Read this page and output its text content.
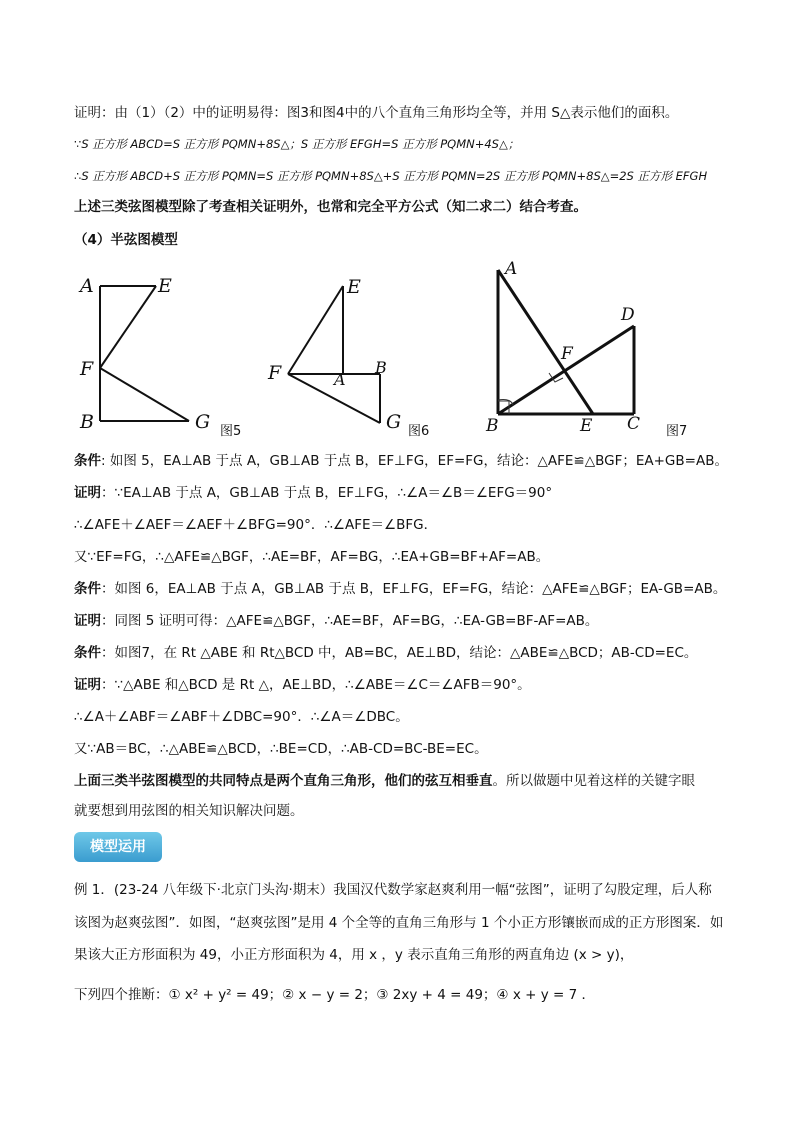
证明：由（1）（2）中的证明易得：图3和图4中的八个直角三角形均全等，并用 S△表示他们的面积。
∵S 正方形 ABCD=S 正方形 PQMN+8S△；S 正方形 EFGH=S 正方形 PQMN+4S△；
∴S 正方形 ABCD+S 正方形 PQMN=S 正方形 PQMN+8S△+S 正方形 PQMN=2S 正方形 PQMN+8S△=2S 正方形 EFGH
上述三类弦图模型除了考查相关证明外，也常和完全平方公式（知二求二）结合考查。
（4）半弦图模型
A	E
F
B	G 图5
E
F	A
B
G 图6
A
D
F
B	E C 图7
条件: 如图 5，EA⊥AB 于点 A，GB⊥AB 于点 B，EF⊥FG，EF=FG，结论：△AFE≌△BGF；EA+GB=AB。
证明：∵EA⊥AB 于点 A，GB⊥AB 于点 B，EF⊥FG，∴∠A＝∠B＝∠EFG＝90°
∴∠AFE＋∠AEF＝∠AEF＋∠BFG=90°．∴∠AFE＝∠BFG．
又∵EF=FG，∴△AFE≌△BGF，∴AE=BF，AF=BG，∴EA+GB=BF+AF=AB。
条件：如图 6，EA⊥AB 于点 A，GB⊥AB 于点 B，EF⊥FG，EF=FG，结论：△AFE≌△BGF；EA-GB=AB。
证明：同图 5 证明可得：△AFE≌△BGF，∴AE=BF，AF=BG，∴EA-GB=BF-AF=AB。
条件：如图7，在 Rt △ABE 和 Rt△BCD 中，AB=BC，AE⊥BD，结论：△ABE≌△BCD；AB-CD=EC。
证明：∵△ABE 和△BCD 是 Rt △，AE⊥BD，∴∠ABE＝∠C＝∠AFB＝90°。
∴∠A＋∠ABF＝∠ABF＋∠DBC=90°．∴∠A＝∠DBC。
又∵AB＝BC，∴△ABE≌△BCD，∴BE=CD，∴AB-CD=BC-BE=EC。
上面三类半弦图模型的共同特点是两个直角三角形，他们的弦互相垂直。所以做题中见着这样的关键字眼
就要想到用弦图的相关知识解决问题。
模型运用
例 1．(23-24 八年级下·北京门头沟·期末）我国汉代数学家赵爽利用一幅“弦图”，证明了勾股定理，后人称
该图为赵爽弦图”．如图，“赵爽弦图”是用 4 个全等的直角三角形与 1 个小正方形镶嵌而成的正方形图案．如
果该大正方形面积为 49，小正方形面积为 4，用 x ，y 表示直角三角形的两直角边 (x > y)，
下列四个推断：① x² + y² = 49；② x − y = 2；③ 2xy + 4 = 49；④ x + y = 7 ．
